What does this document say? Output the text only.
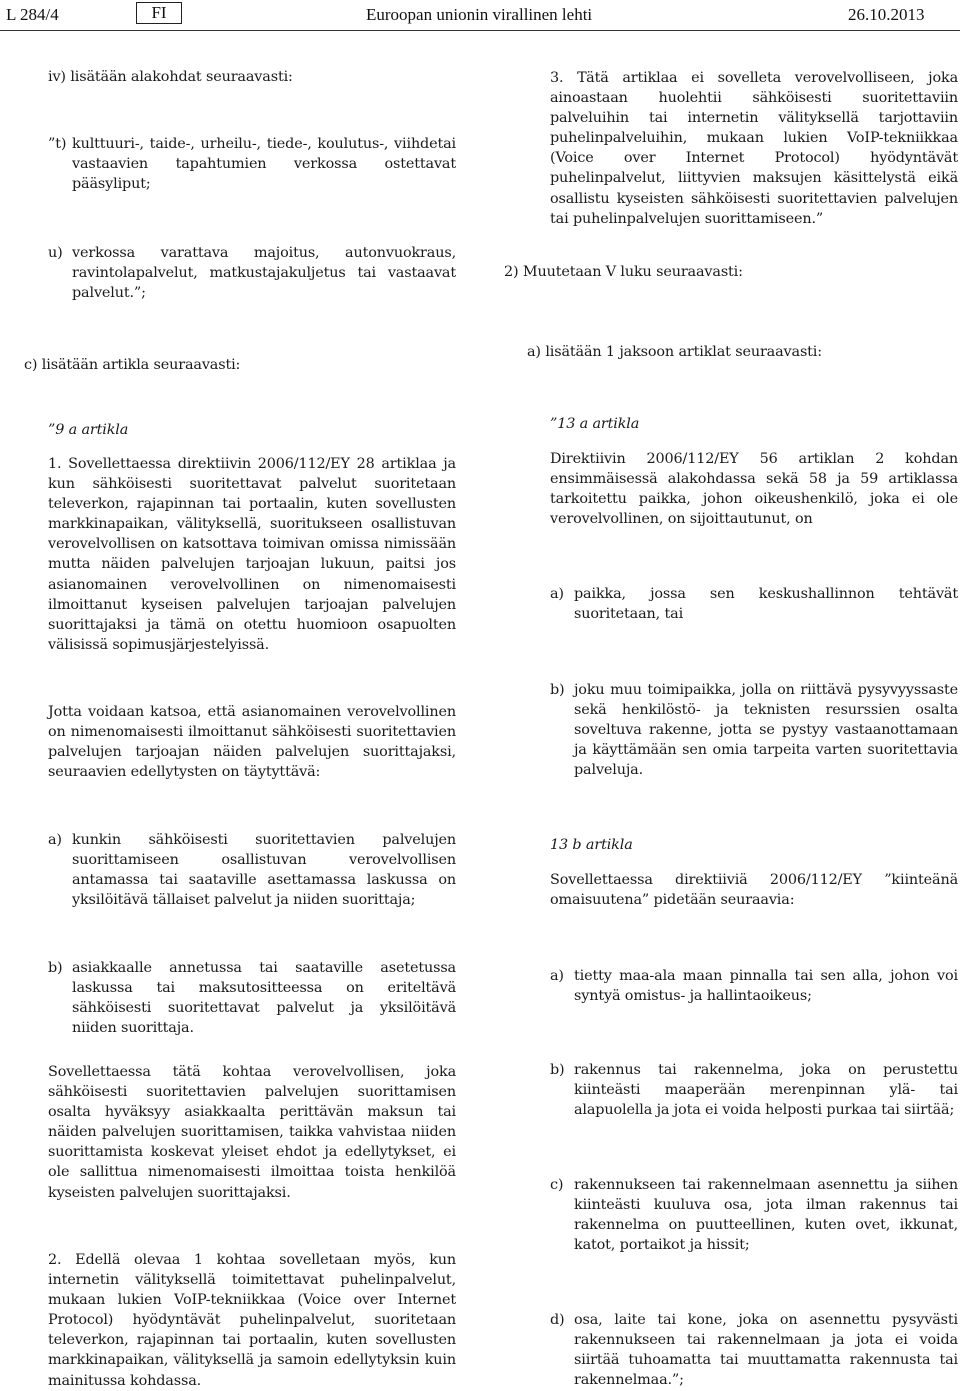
L 284/4	FI	Euroopan unionin virallinen lehti	26.10.2013

iv) lisätään alakohdat seuraavasti:

”t) kulttuuri-, taide-, urheilu-, tiede-, koulutus-, viihdetai vastaavien tapahtumien verkossa ostettavat pääsyliput;
u) verkossa varattava majoitus, autonvuokraus, ravintolapalvelut, matkustajakuljetus tai vastaavat palvelut.”;

c) lisätään artikla seuraavasti:

”9 a artikla

1. Sovellettaessa direktiivin 2006/112/EY 28 artiklaa ja kun sähköisesti suoritettavat palvelut suoritetaan televerkon, rajapinnan tai portaalin, kuten sovellusten markkinapaikan, välityksellä, suoritukseen osallistuvan verovelvollisen on katsottava toimivan omissa nimissään mutta näiden palvelujen tarjoajan lukuun, paitsi jos asianomainen verovelvollinen on nimenomaisesti ilmoittanut kyseisen palvelujen tarjoajan palvelujen suorittajaksi ja tämä on otettu huomioon osapuolten välisissä sopimusjärjestelyissä.

Jotta voidaan katsoa, että asianomainen verovelvollinen on nimenomaisesti ilmoittanut sähköisesti suoritettavien palvelujen tarjoajan näiden palvelujen suorittajaksi, seuraavien edellytysten on täytyttävä:

a) kunkin sähköisesti suoritettavien palvelujen suorittamiseen osallistuvan verovelvollisen antamassa tai saataville asettamassa laskussa on yksilöitävä tällaiset palvelut ja niiden suorittaja;
b) asiakkaalle annetussa tai saataville asetetussa laskussa tai maksutositteessa on eriteltävä sähköisesti suoritettavat palvelut ja yksilöitävä niiden suorittaja.

Sovellettaessa tätä kohtaa verovelvollisen, joka sähköisesti suoritettavien palvelujen suorittamisen osalta hyväksyy asiakkaalta perittävän maksun tai näiden palvelujen suorittamisen, taikka vahvistaa niiden suorittamista koskevat yleiset ehdot ja edellytykset, ei ole sallittua nimenomaisesti ilmoittaa toista henkilöä kyseisten palvelujen suorittajaksi.

2. Edellä olevaa 1 kohtaa sovelletaan myös, kun internetin välityksellä toimitettavat puhelinpalvelut, mukaan lukien VoIP-tekniikkaa (Voice over Internet Protocol) hyödyntävät puhelinpalvelut, suoritetaan televerkon, rajapinnan tai portaalin, kuten sovellusten markkinapaikan, välityksellä ja samoin edellytyksin kuin mainitussa kohdassa.

3. Tätä artiklaa ei sovelleta verovelvolliseen, joka ainoastaan huolehtii sähköisesti suoritettaviin palveluihin tai internetin välityksellä tarjottaviin puhelinpalveluihin, mukaan lukien VoIP-tekniikkaa (Voice over Internet Protocol) hyödyntävät puhelinpalvelut, liittyvien maksujen käsittelystä eikä osallistu kyseisten sähköisesti suoritettavien palvelujen tai puhelinpalvelujen suorittamiseen.”

2) Muutetaan V luku seuraavasti:

a) lisätään 1 jaksoon artiklat seuraavasti:

”13 a artikla

Direktiivin 2006/112/EY 56 artiklan 2 kohdan ensimmäisessä alakohdassa sekä 58 ja 59 artiklassa tarkoitettu paikka, johon oikeushenkilö, joka ei ole verovelvollinen, on sijoittautunut, on

a) paikka, jossa sen keskushallinnon tehtävät suoritetaan, tai
b) joku muu toimipaikka, jolla on riittävä pysyvyyssaste sekä henkilöstö- ja teknisten resurssien osalta soveltuva rakenne, jotta se pystyy vastaanottamaan ja käyttämään sen omia tarpeita varten suoritettavia palveluja.

13 b artikla

Sovellettaessa direktiiviä 2006/112/EY ”kiinteänä omaisuutena” pidetään seuraavia:

a) tietty maa-ala maan pinnalla tai sen alla, johon voi syntyä omistus- ja hallintaoikeus;
b) rakennus tai rakennelma, joka on perustettu kiinteästi maaperään merenpinnan ylä- tai alapuolella ja jota ei voida helposti purkaa tai siirtää;
c) rakennukseen tai rakennelmaan asennettu ja siihen kiinteästi kuuluva osa, jota ilman rakennus tai rakennelma on puutteellinen, kuten ovet, ikkunat, katot, portaikot ja hissit;
d) osa, laite tai kone, joka on asennettu pysyvästi rakennukseen tai rakennelmaan ja jota ei voida siirtää tuhoamatta tai muuttamatta rakennusta tai rakennelmaa.”;
